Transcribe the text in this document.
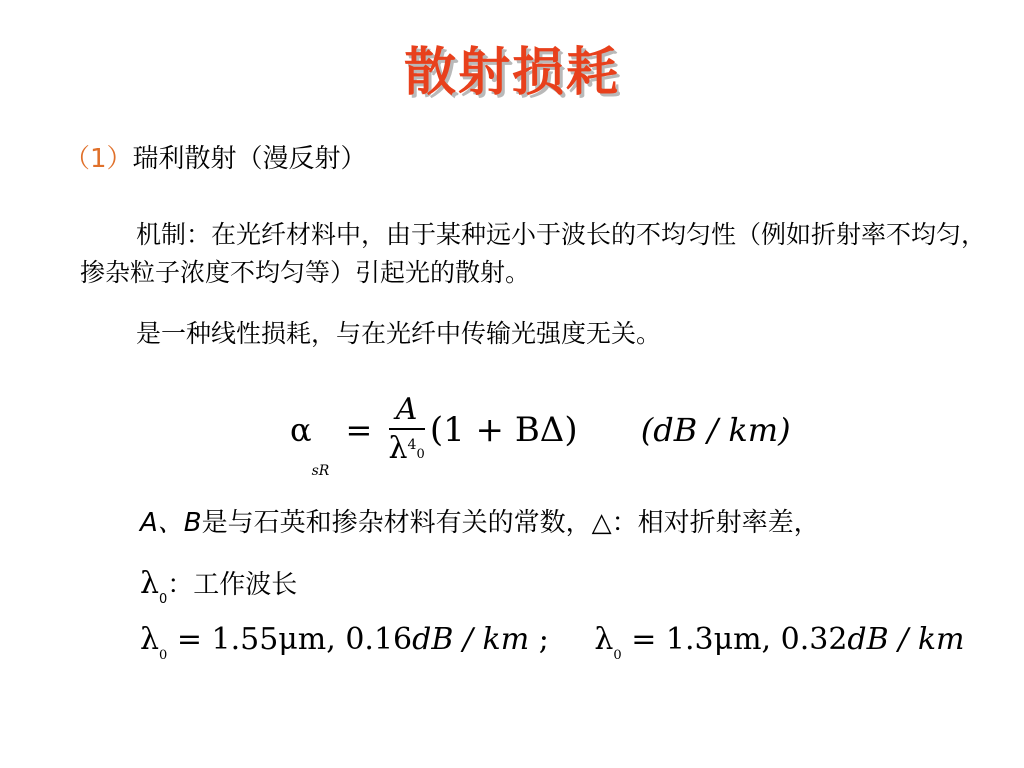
散射损耗
（1）瑞利散射（漫反射）
机制：在光纤材料中，由于某种远小于波长的不均匀性（例如折射率不均匀，掺杂粒子浓度不均匀等）引起光的散射。
是一种线性损耗，与在光纤中传输光强度无关。
$\alpha sR = \frac{A}{\lambda^4_0} (1 + B\Delta)$ (dB / km)
A、B是与石英和掺杂材料有关的常数，△：相对折射率差，
$\lambda_0$：工作波长
$\lambda_0 = 1.55\mu m$, 0.16dB / km ; $\lambda_0 = 1.3\mu m$, 0.32dB / km
